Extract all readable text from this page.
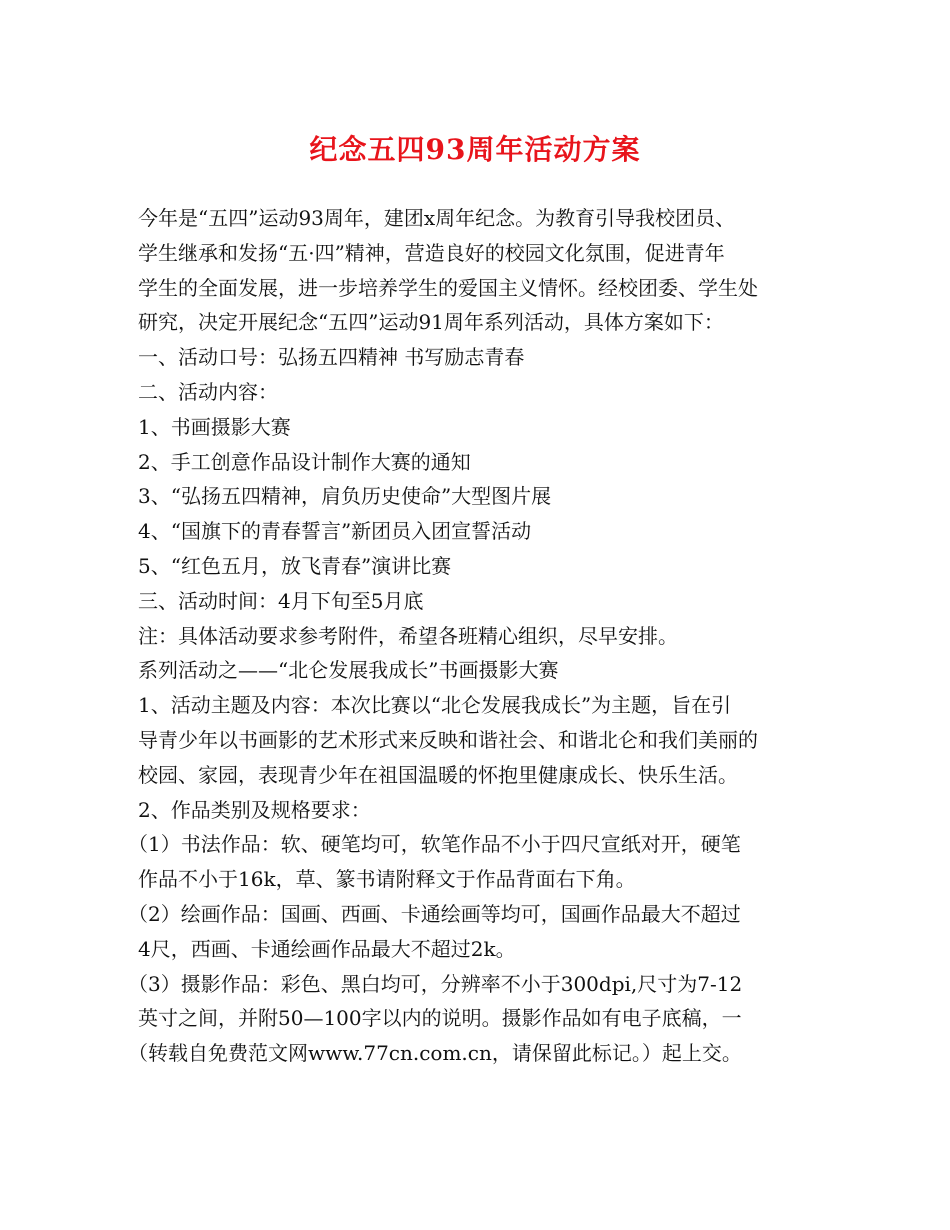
纪念五四93周年活动方案
今年是“五四”运动93周年，建团x周年纪念。为教育引导我校团员、
学生继承和发扬“五·四”精神，营造良好的校园文化氛围，促进青年
学生的全面发展，进一步培养学生的爱国主义情怀。经校团委、学生处
研究，决定开展纪念“五四”运动91周年系列活动，具体方案如下：
一、活动口号：弘扬五四精神 书写励志青春
二、活动内容：
1、书画摄影大赛
2、手工创意作品设计制作大赛的通知
3、“弘扬五四精神，肩负历史使命”大型图片展
4、“国旗下的青春誓言”新团员入团宣誓活动
5、“红色五月，放飞青春”演讲比赛
三、活动时间：4月下旬至5月底
注：具体活动要求参考附件，希望各班精心组织，尽早安排。
系列活动之——“北仑发展我成长”书画摄影大赛
1、活动主题及内容：本次比赛以“北仑发展我成长”为主题，旨在引
导青少年以书画影的艺术形式来反映和谐社会、和谐北仑和我们美丽的
校园、家园，表现青少年在祖国温暖的怀抱里健康成长、快乐生活。
2、作品类别及规格要求：
（1）书法作品：软、硬笔均可，软笔作品不小于四尺宣纸对开，硬笔
作品不小于16k，草、篆书请附释文于作品背面右下角。
（2）绘画作品：国画、西画、卡通绘画等均可，国画作品最大不超过
4尺，西画、卡通绘画作品最大不超过2k。
（3）摄影作品：彩色、黑白均可，分辨率不小于300dpi,尺寸为7-12
英寸之间，并附50—100字以内的说明。摄影作品如有电子底稿，一
（转载自免费范文网www.77cn.com.cn，请保留此标记。）起上交。
